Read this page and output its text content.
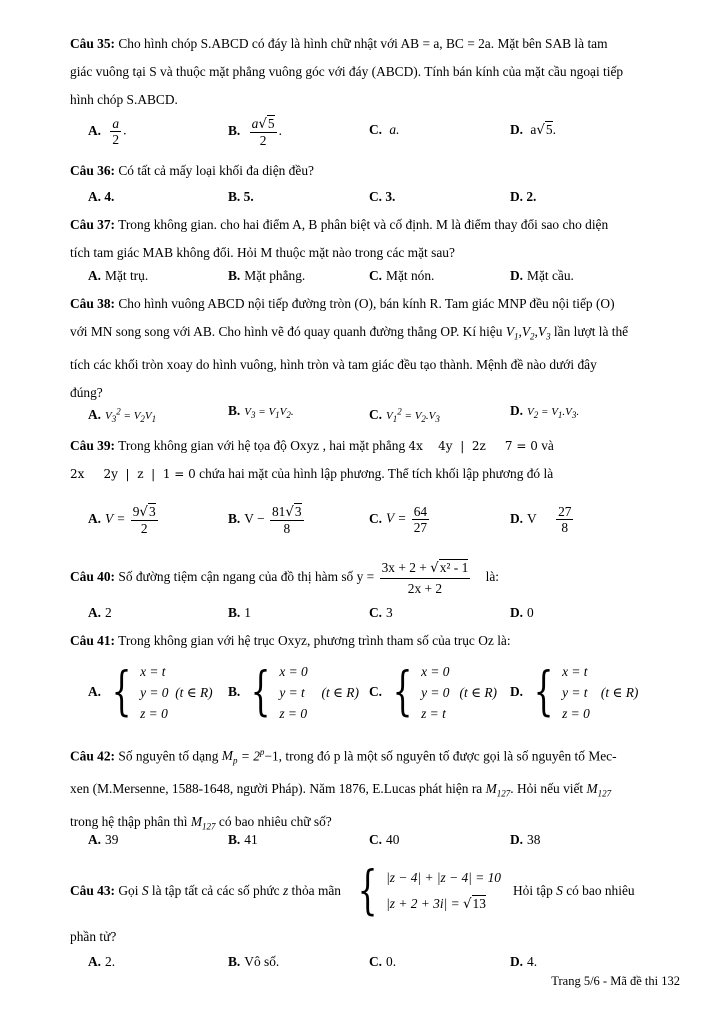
Câu 35: Cho hình chóp S.ABCD có đáy là hình chữ nhật với AB = a, BC = 2a. Mặt bên SAB là tam
giác vuông tại S và thuộc mặt phẳng vuông góc với đáy (ABCD). Tính bán kính của mặt cầu ngoại tiếp
hình chóp S.ABCD.
A. $\frac{a}{2}$ .	B. $\frac{a√5}{2}$ .	C. a.	D. a√5.
Câu 36: Có tất cả mấy loại khối đa diện đều?
A. 4.	B. 5.	C. 3.	D. 2.
Câu 37: Trong không gian. cho hai điểm A, B phân biệt và cố định. M là điểm thay đổi sao cho diện
tích tam giác MAB không đổi. Hỏi M thuộc mặt nào trong các mặt sau?
A. Mặt trụ.	B. Mặt phẳng.	C. Mặt nón.	D. Mặt cầu.
Câu 38: Cho hình vuông ABCD nội tiếp đường tròn (O), bán kính R. Tam giác MNP đều nội tiếp (O)
với MN song song với AB. Cho hình vẽ đó quay quanh đường thẳng OP. Kí hiệu $V_1,V_2,V_3$ lần lượt là thể
tích các khối tròn xoay do hình vuông, hình tròn và tam giác đều tạo thành. Mệnh đề nào dưới đây
đúng?
A. $V_3^2 = V_2V_1$
B. $V_3 = V_1V_2$.	C. $V_1^2 = V_2.V_3$
D. $V_2 = V_1.V_3$.
Câu 39: Trong không gian với hệ tọa độ Oxyz , hai mặt phẳng 4x    4y  |  2z     7 = 0 và
2x     2y  |  z  |  1 = 0 chứa hai mặt của hình lập phương. Thể tích khối lập phương đó là
A. $V = \frac{9√3}{2}$	B. $V - \frac{81√3}{8}$	C. $V = \frac{64}{27}$	D. V $\frac{27}{8}$
Câu 40: Số đường tiệm cận ngang của đồ thị hàm số $y = \frac{\text{3x + 2 + √x² - 1}}{2x + 2}$ là:
A. 2	B. 1	C. 3	D. 0
Câu 41: Trong không gian với hệ trục Oxyz, phương trình tham số của trục Oz là:
A. { x = t
y = 0  (t ∈ R)
z = 0
B. { x = 0
y = t     (t ∈ R)
z = 0
C. { x = 0
y = 0   (t ∈ R)
z = t
D. { x = t
y = t    (t ∈ R)
z = 0
Câu 42: Số nguyên tố dạng $M_p = 2^p-1$, trong đó p là một số nguyên tố được gọi là số nguyên tố Mec-
xen (M.Mersenne, 1588-1648, người Pháp). Năm 1876, E.Lucas phát hiện ra $M_{127}$. Hỏi nếu viết $M_{127}$
trong hệ thập phân thì $M_{127}$ có bao nhiêu chữ số?
A. 39	B. 41	C. 40	D. 38
Câu 43: Gọi S là tập tất cả các số phức z thỏa mãn { |z − 4| + |z − 4| = 10
|z + 2 + 3i| = √13
Hỏi tập S có bao nhiêu
phần tử?
A. 2.	B. Vô số.	C. 0.	D. 4.
Trang 5/6 - Mã đề thi 132
